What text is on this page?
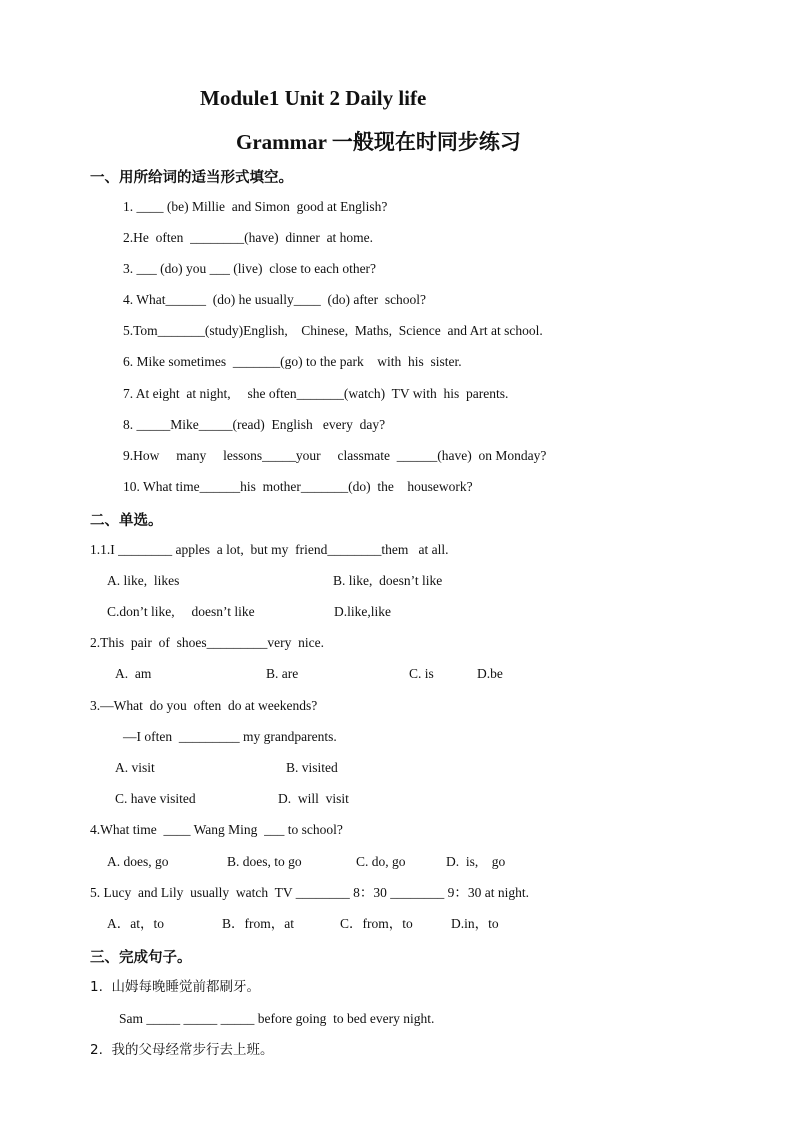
Module1 Unit 2 Daily life
Grammar 一般现在时同步练习
一、用所给词的适当形式填空。
1. ____ (be) Millie  and Simon  good at English?
2.He  often  ________(have)  dinner  at home.
3. ___ (do) you ___ (live)  close to each other?
4. What______  (do) he usually____  (do) after  school?
5.Tom_______(study)English,    Chinese,  Maths,  Science  and Art at school.
6. Mike sometimes  _______(go) to the park    with  his  sister.
7. At eight  at night,     she often_______(watch)  TV with  his  parents.
8. _____Mike_____(read)  English   every  day?
9.How     many     lessons_____your     classmate  ______(have)  on Monday?
10. What time______his  mother_______(do)  the    housework?
二、单选。
1.1.I ________ apples  a lot,  but my  friend________them   at all.
A. like,  likes	B. like,  doesn’t like
C.don’t like,     doesn’t like	D.like,like
2.This  pair  of  shoes_________very  nice.
A.  am	B. are	C. is	D.be
3.—What  do you  often  do at weekends?
—I often  _________ my grandparents.
A. visit	B. visited
C. have visited	D.  will  visit
4.What time  ____ Wang Ming  ___ to school?
A. does, go	B. does, to go	C. do, go	D.  is,    go
5. Lucy  and Lily  usually  watch  TV ________ 8：30 ________ 9：30 at night.
A．at，to	B．from，at	C．from，to	D.in，to
三、完成句子。
1.  山姆每晚睡觉前都刷牙。
Sam _____ _____ _____ before going  to bed every night.
2.  我的父母经常步行去上班。
